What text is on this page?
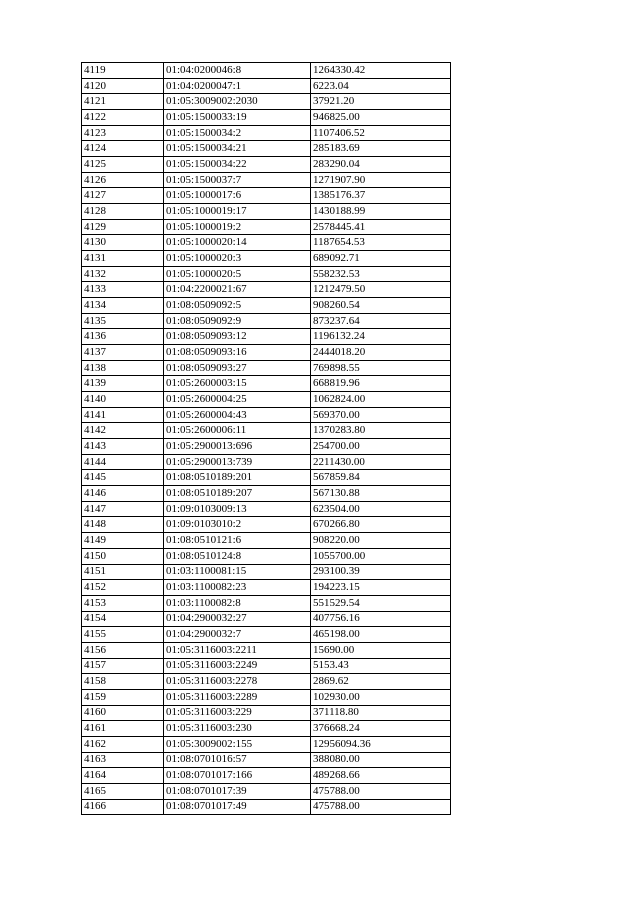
4119	01:04:0200046:8	1264330.42
4120	01:04:0200047:1	6223.04
4121	01:05:3009002:2030	37921.20
4122	01:05:1500033:19	946825.00
4123	01:05:1500034:2	1107406.52
4124	01:05:1500034:21	285183.69
4125	01:05:1500034:22	283290.04
4126	01:05:1500037:7	1271907.90
4127	01:05:1000017:6	1385176.37
4128	01:05:1000019:17	1430188.99
4129	01:05:1000019:2	2578445.41
4130	01:05:1000020:14	1187654.53
4131	01:05:1000020:3	689092.71
4132	01:05:1000020:5	558232.53
4133	01:04:2200021:67	1212479.50
4134	01:08:0509092:5	908260.54
4135	01:08:0509092:9	873237.64
4136	01:08:0509093:12	1196132.24
4137	01:08:0509093:16	2444018.20
4138	01:08:0509093:27	769898.55
4139	01:05:2600003:15	668819.96
4140	01:05:2600004:25	1062824.00
4141	01:05:2600004:43	569370.00
4142	01:05:2600006:11	1370283.80
4143	01:05:2900013:696	254700.00
4144	01:05:2900013:739	2211430.00
4145	01:08:0510189:201	567859.84
4146	01:08:0510189:207	567130.88
4147	01:09:0103009:13	623504.00
4148	01:09:0103010:2	670266.80
4149	01:08:0510121:6	908220.00
4150	01:08:0510124:8	1055700.00
4151	01:03:1100081:15	293100.39
4152	01:03:1100082:23	194223.15
4153	01:03:1100082:8	551529.54
4154	01:04:2900032:27	407756.16
4155	01:04:2900032:7	465198.00
4156	01:05:3116003:2211	15690.00
4157	01:05:3116003:2249	5153.43
4158	01:05:3116003:2278	2869.62
4159	01:05:3116003:2289	102930.00
4160	01:05:3116003:229	371118.80
4161	01:05:3116003:230	376668.24
4162	01:05:3009002:155	12956094.36
4163	01:08:0701016:57	388080.00
4164	01:08:0701017:166	489268.66
4165	01:08:0701017:39	475788.00
4166	01:08:0701017:49	475788.00
